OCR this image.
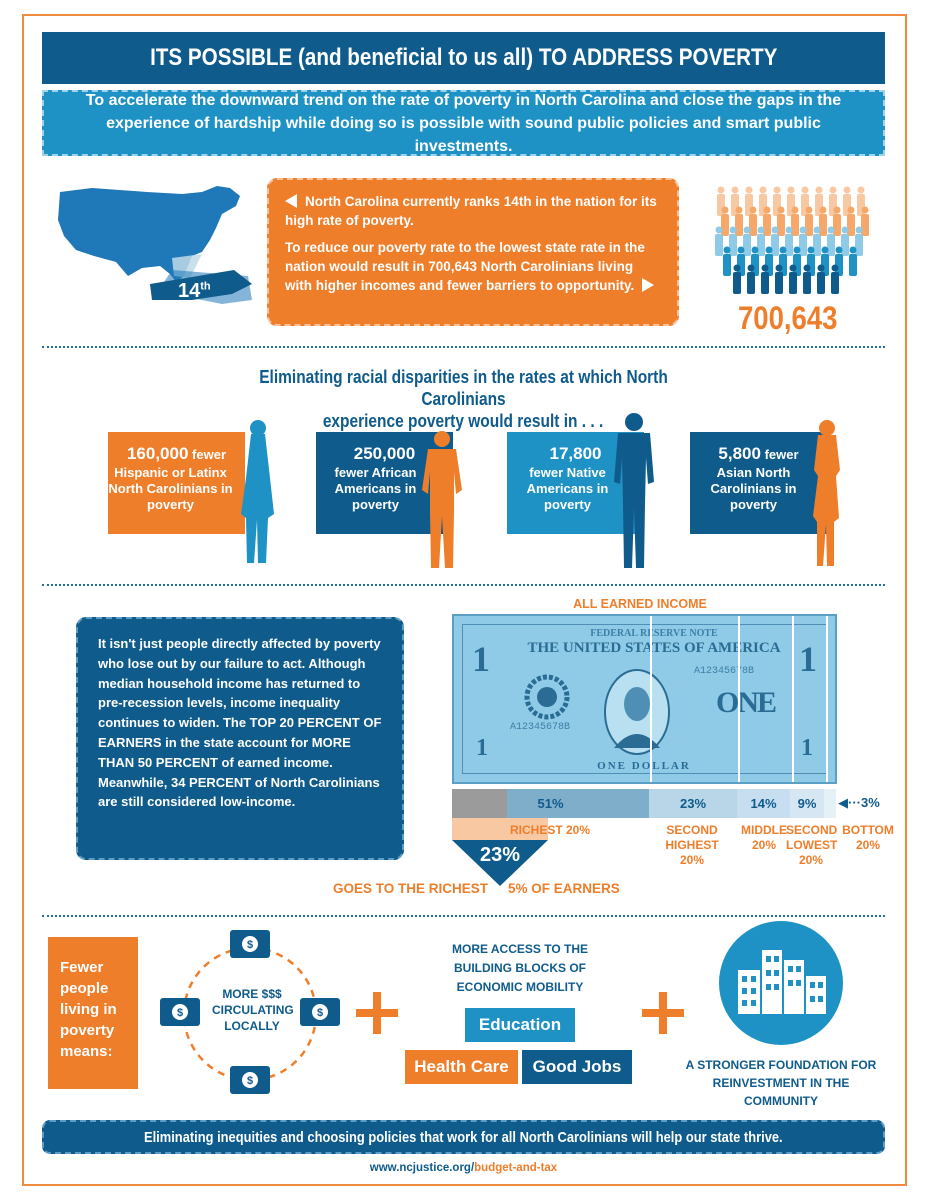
ITS POSSIBLE (and beneficial to us all) TO ADDRESS POVERTY
To accelerate the downward trend on the rate of poverty in North Carolina and close the gaps in the experience of hardship while doing so is possible with sound public policies and smart public investments.
14th

North Carolina currently ranks 14th in the nation for its high rate of poverty.

To reduce our poverty rate to the lowest state rate in the nation would result in 700,643 North Carolinians living with higher incomes and fewer barriers to opportunity.

700,643
Eliminating racial disparities in the rates at which North Carolinians
experience poverty would result in . . .
160,000 fewer
Hispanic or Latinx North Carolinians in poverty
250,000
fewer African Americans in poverty
17,800
fewer Native Americans in poverty
5,800 fewer
Asian North Carolinians in poverty
It isn't just people directly affected by poverty who lose out by our failure to act. Although median household income has returned to pre-recession levels, income inequality continues to widen. The TOP 20 PERCENT OF EARNERS in the state account for MORE THAN 50 PERCENT of earned income. Meanwhile, 34 PERCENT of North Carolinians are still considered low-income.
ALL EARNED INCOME
FEDERAL RESERVE NOTE
THE UNITED STATES OF AMERICA
1	1
1	1
A12345678B
A12345678B
ONE
ONE DOLLAR
51%	23%	14% 9% ◀···3%
RICHEST 20%	SECOND HIGHEST 20%
MIDDLE 20%
SECOND LOWEST 20%
BOTTOM 20%
23%
GOES TO THE RICHEST 5% OF EARNERS
Fewer people living in poverty means:
$
$	$
$
MORE $$$ CIRCULATING LOCALLY
MORE ACCESS TO THE BUILDING BLOCKS OF ECONOMIC MOBILITY
Education
Health Care Good Jobs	A STRONGER FOUNDATION FOR REINVESTMENT IN THE COMMUNITY
Eliminating inequities and choosing policies that work for all North Carolinians will help our state thrive.
www.ncjustice.org/budget-and-tax
